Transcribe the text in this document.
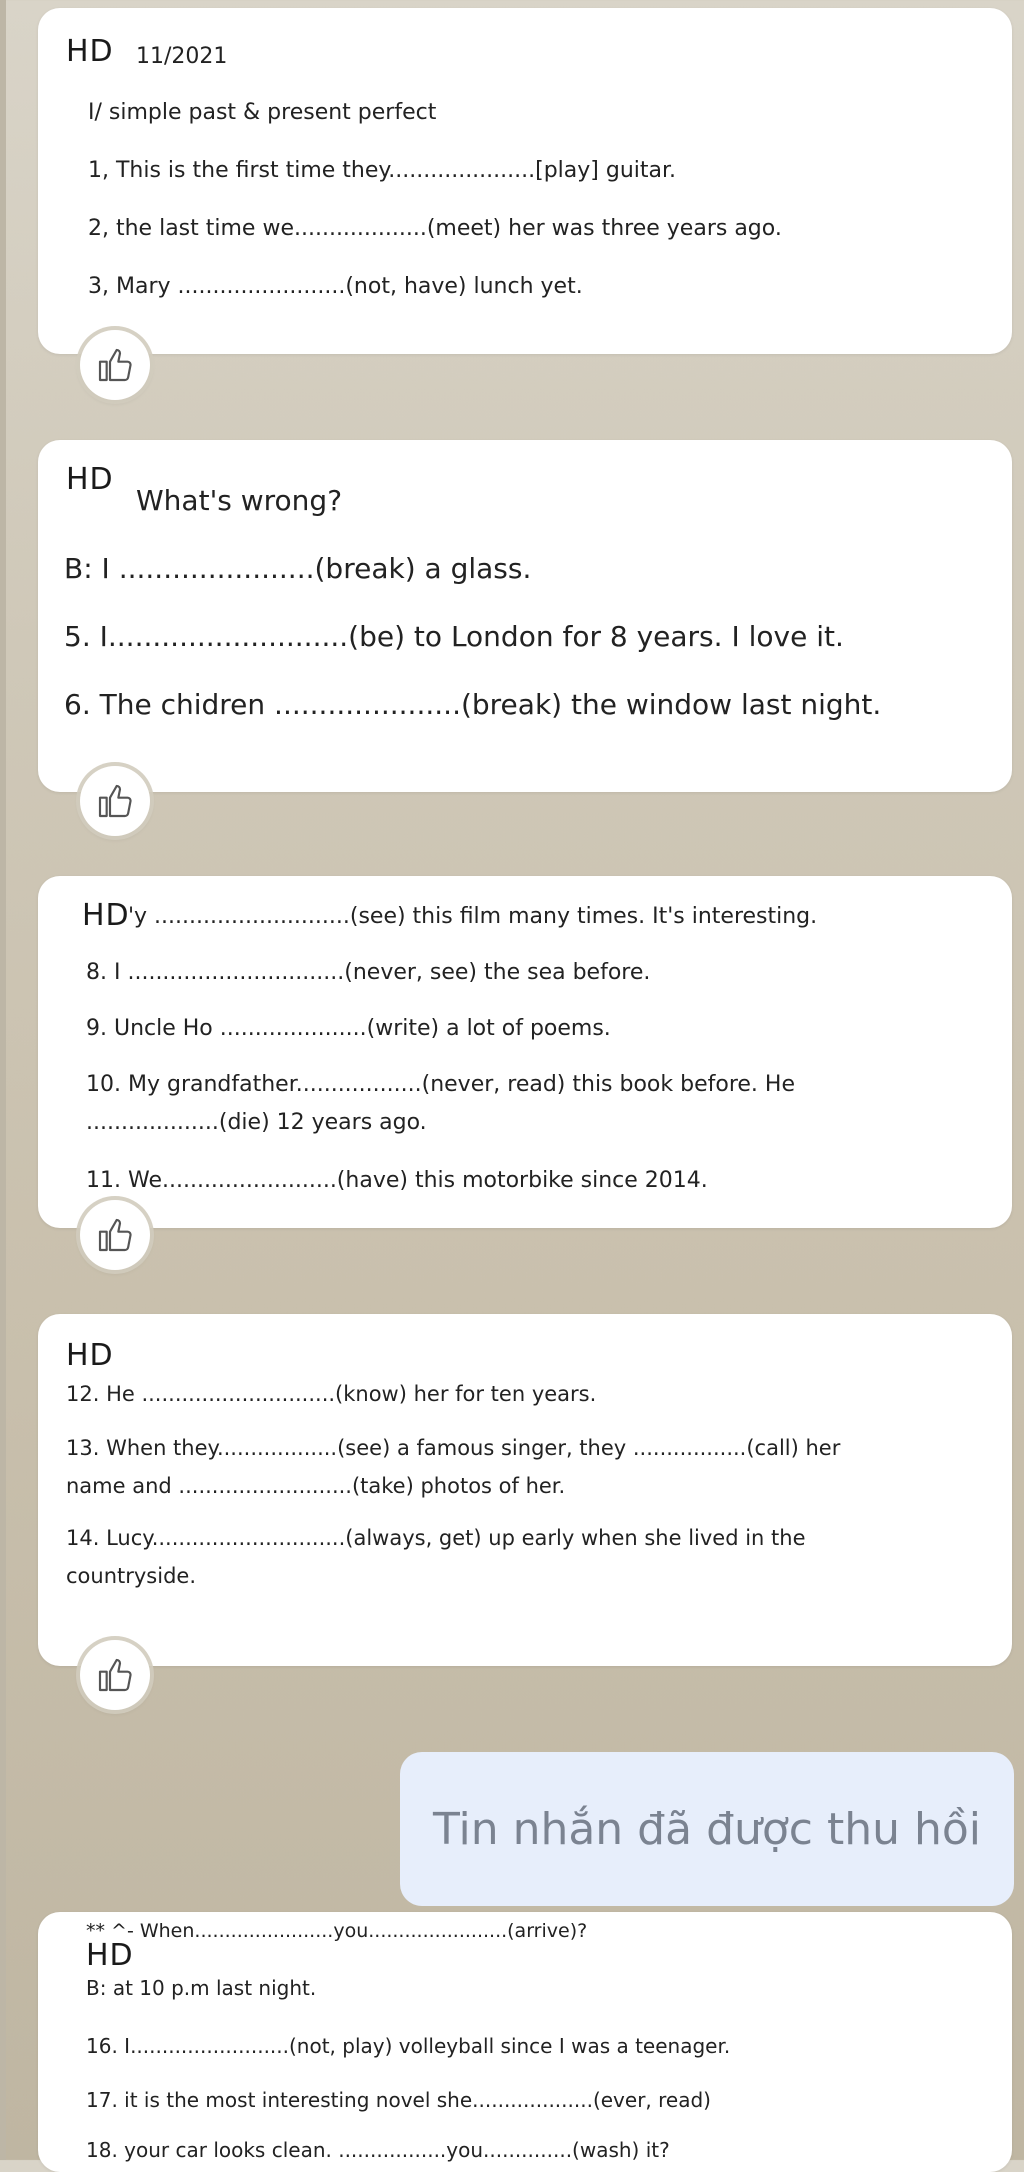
HD 11/2021
I/ simple past & present perfect
1, This is the first time they.....................[play] guitar.
2, the last time we...................(meet) her was three years ago.
3, Mary ........................(not, have) lunch yet.
HD
What's wrong?
B: I ......................(break) a glass.
5. I...........................(be) to London for 8 years. I love it.
6. The chidren .....................(break) the window last night.
HD
'y ............................(see) this film many times. It's interesting.
8. I ...............................(never, see) the sea before.
9. Uncle Ho .....................(write) a lot of poems.
10. My grandfather..................(never, read) this book before. He
...................(die) 12 years ago.
11. We.........................(have) this motorbike since 2014.
HD
12. He .............................(know) her for ten years.
13. When they..................(see) a famous singer, they .................(call) her
name and ..........................(take) photos of her.
14. Lucy.............................(always, get) up early when she lived in the
countryside.
Tin nhắn đã được thu hồi
HD
** ^- When.......................you.......................(arrive)?
B: at 10 p.m last night.
16. I.........................(not, play) volleyball since I was a teenager.
17. it is the most interesting novel she...................(ever, read)
18. your car looks clean. .................you..............(wash) it?
